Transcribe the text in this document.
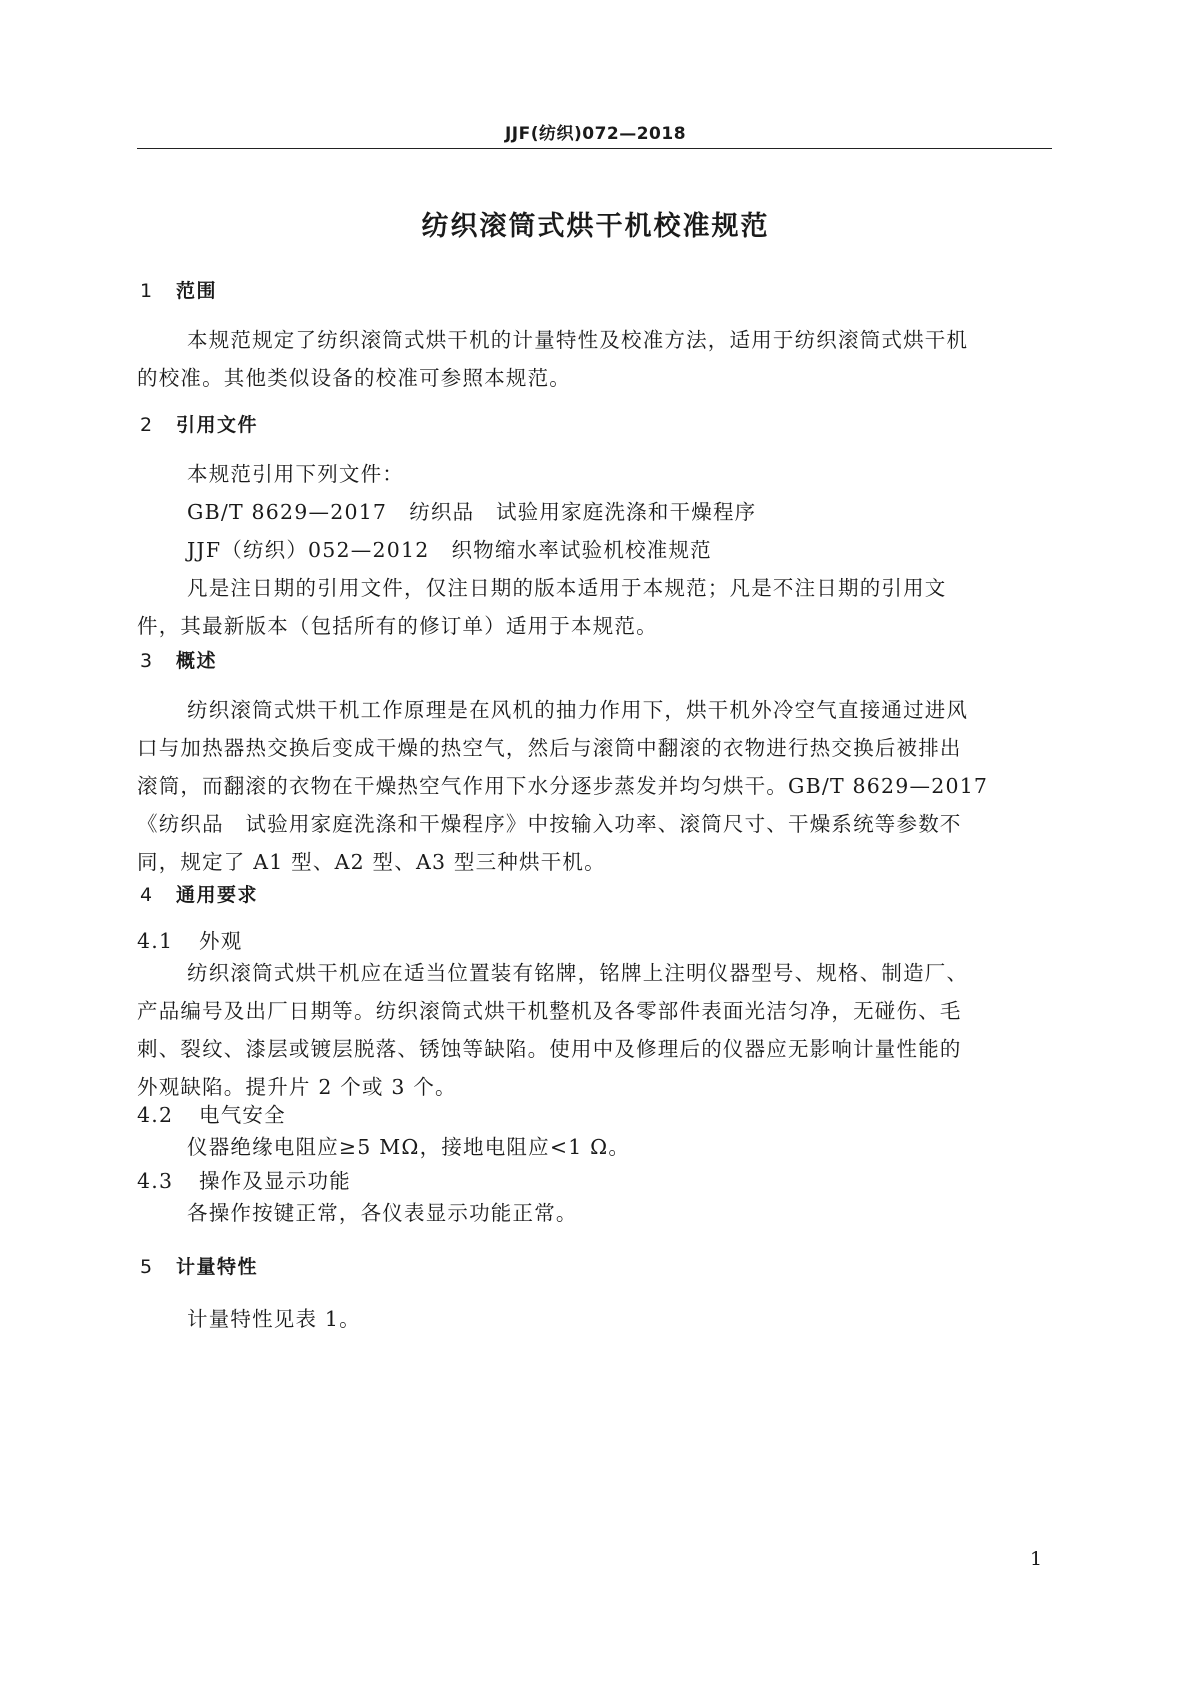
JJF(纺织)072—2018
纺织滚筒式烘干机校准规范
1 范围
本规范规定了纺织滚筒式烘干机的计量特性及校准方法，适用于纺织滚筒式烘干机
的校准。其他类似设备的校准可参照本规范。
2 引用文件
本规范引用下列文件：
GB/T 8629—2017 纺织品　试验用家庭洗涤和干燥程序
JJF（纺织）052—2012 织物缩水率试验机校准规范
凡是注日期的引用文件，仅注日期的版本适用于本规范；凡是不注日期的引用文
件，其最新版本（包括所有的修订单）适用于本规范。
3 概述
纺织滚筒式烘干机工作原理是在风机的抽力作用下，烘干机外冷空气直接通过进风
口与加热器热交换后变成干燥的热空气，然后与滚筒中翻滚的衣物进行热交换后被排出
滚筒，而翻滚的衣物在干燥热空气作用下水分逐步蒸发并均匀烘干。GB/T 8629—2017
《纺织品　试验用家庭洗涤和干燥程序》中按输入功率、滚筒尺寸、干燥系统等参数不
同，规定了 A1 型、A2 型、A3 型三种烘干机。
4 通用要求
4.1 外观
纺织滚筒式烘干机应在适当位置装有铭牌，铭牌上注明仪器型号、规格、制造厂、
产品编号及出厂日期等。纺织滚筒式烘干机整机及各零部件表面光洁匀净，无碰伤、毛
刺、裂纹、漆层或镀层脱落、锈蚀等缺陷。使用中及修理后的仪器应无影响计量性能的
外观缺陷。提升片 2 个或 3 个。
4.2 电气安全
仪器绝缘电阻应≥5 MΩ，接地电阻应<1 Ω。
4.3 操作及显示功能
各操作按键正常，各仪表显示功能正常。
5 计量特性
计量特性见表 1。
1
